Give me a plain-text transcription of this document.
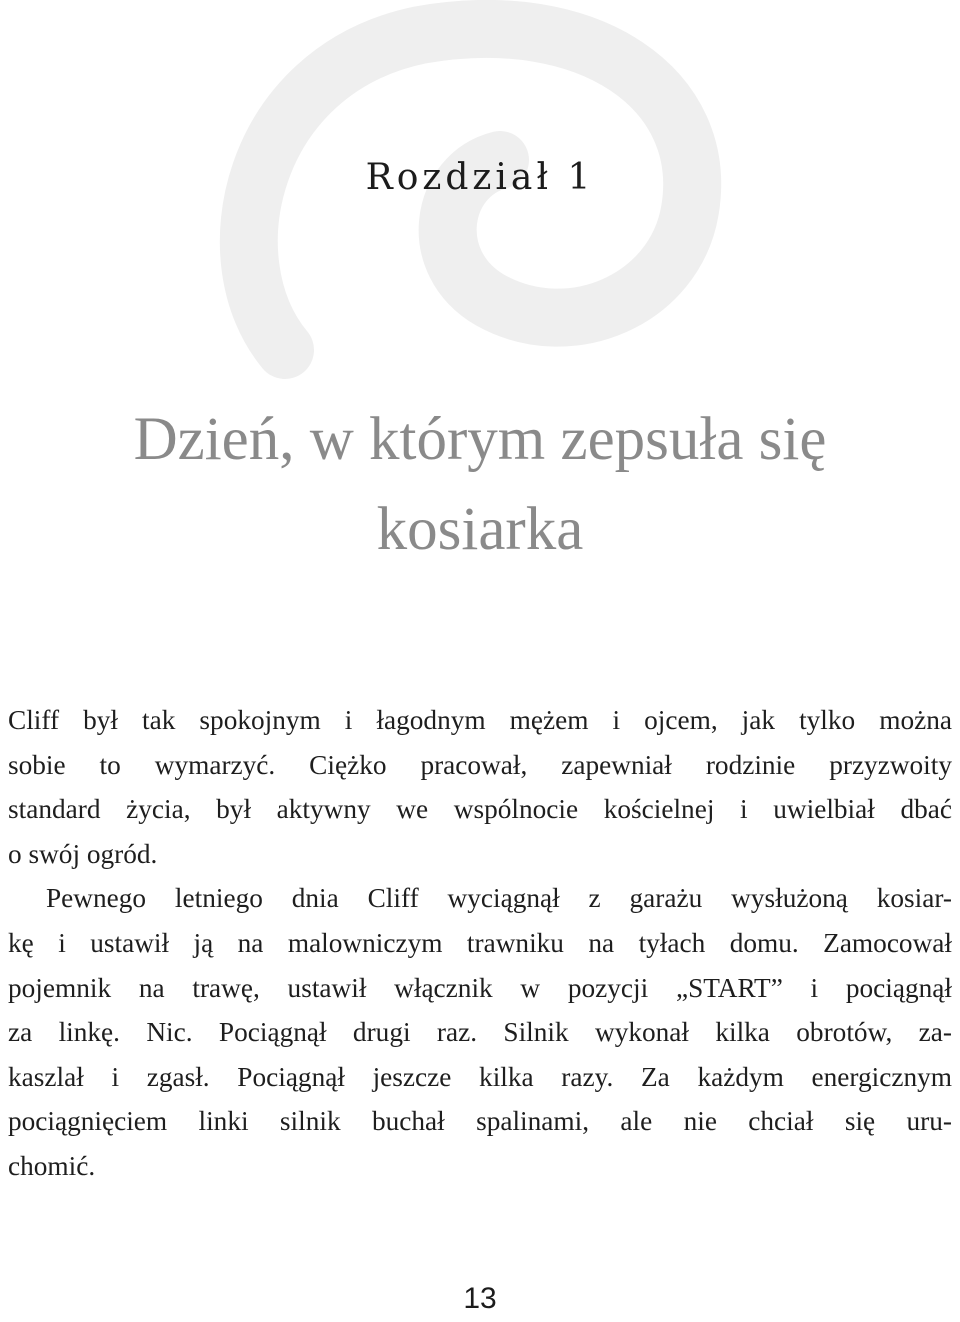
Rozdział 1
Dzień, w którym zepsuła się
kosiarka
Cliff był tak spokojnym i łagodnym mężem i ojcem, jak tylko można
sobie to wymarzyć. Ciężko pracował, zapewniał rodzinie przyzwoity
standard życia, był aktywny we wspólnocie kościelnej i uwielbiał dbać
o swój ogród.
Pewnego letniego dnia Cliff wyciągnął z garażu wysłużoną kosiar-
kę i ustawił ją na malowniczym trawniku na tyłach domu. Zamocował
pojemnik na trawę, ustawił włącznik w pozycji „START” i pociągnął
za linkę. Nic. Pociągnął drugi raz. Silnik wykonał kilka obrotów, za-
kaszlał i zgasł. Pociągnął jeszcze kilka razy. Za każdym energicznym
pociągnięciem linki silnik buchał spalinami, ale nie chciał się uru-
chomić.
13
